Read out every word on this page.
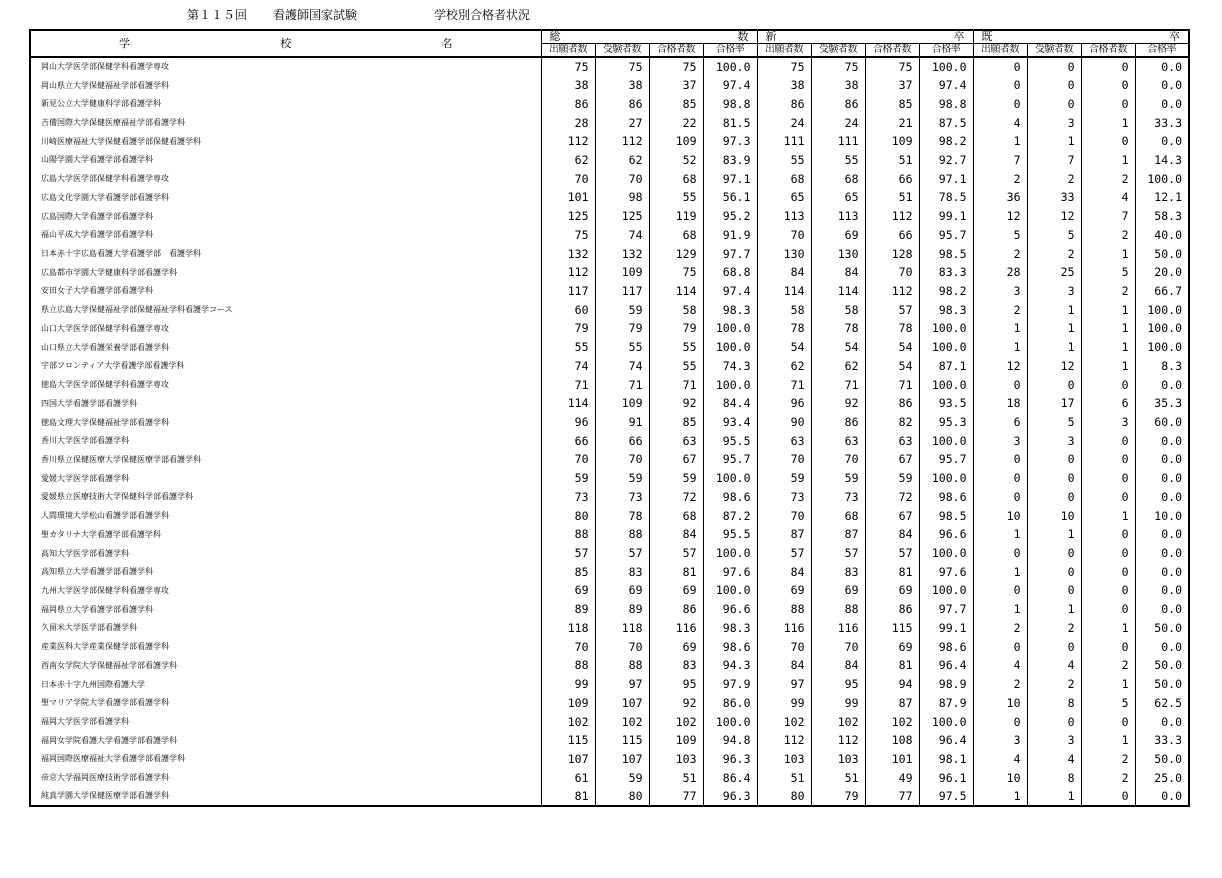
第１１５回 看護師国家試験	学校別合格者状況
学 校 名	総 数				新 卒				既 卒			

	出願者数	受験者数	合格者数	合格率	出願者数	受験者数	合格者数	合格率	出願者数	受験者数	合格者数	合格率
岡山大学医学部保健学科看護学専攻	75	75	75	100.0	75	75	75	100.0	0	0	0	0.0
岡山県立大学保健福祉学部看護学科	38	38	37	97.4	38	38	37	97.4	0	0	0	0.0
新見公立大学健康科学部看護学科	86	86	85	98.8	86	86	85	98.8	0	0	0	0.0
吉備国際大学保健医療福祉学部看護学科	28	27	22	81.5	24	24	21	87.5	4	3	1	33.3
川崎医療福祉大学保健看護学部保健看護学科	112	112	109	97.3	111	111	109	98.2	1	1	0	0.0
山陽学園大学看護学部看護学科	62	62	52	83.9	55	55	51	92.7	7	7	1	14.3
広島大学医学部保健学科看護学専攻	70	70	68	97.1	68	68	66	97.1	2	2	2	100.0
広島文化学園大学看護学部看護学科	101	98	55	56.1	65	65	51	78.5	36	33	4	12.1
広島国際大学看護学部看護学科	125	125	119	95.2	113	113	112	99.1	12	12	7	58.3
福山平成大学看護学部看護学科	75	74	68	91.9	70	69	66	95.7	5	5	2	40.0
日本赤十字広島看護大学看護学部　看護学科	132	132	129	97.7	130	130	128	98.5	2	2	1	50.0
広島都市学園大学健康科学部看護学科	112	109	75	68.8	84	84	70	83.3	28	25	5	20.0
安田女子大学看護学部看護学科	117	117	114	97.4	114	114	112	98.2	3	3	2	66.7
県立広島大学保健福祉学部保健福祉学科看護学コース	60	59	58	98.3	58	58	57	98.3	2	1	1	100.0
山口大学医学部保健学科看護学専攻	79	79	79	100.0	78	78	78	100.0	1	1	1	100.0
山口県立大学看護栄養学部看護学科	55	55	55	100.0	54	54	54	100.0	1	1	1	100.0
宇部フロンティア大学看護学部看護学科	74	74	55	74.3	62	62	54	87.1	12	12	1	8.3
徳島大学医学部保健学科看護学専攻	71	71	71	100.0	71	71	71	100.0	0	0	0	0.0
四国大学看護学部看護学科	114	109	92	84.4	96	92	86	93.5	18	17	6	35.3
徳島文理大学保健福祉学部看護学科	96	91	85	93.4	90	86	82	95.3	6	5	3	60.0
香川大学医学部看護学科	66	66	63	95.5	63	63	63	100.0	3	3	0	0.0
香川県立保健医療大学保健医療学部看護学科	70	70	67	95.7	70	70	67	95.7	0	0	0	0.0
愛媛大学医学部看護学科	59	59	59	100.0	59	59	59	100.0	0	0	0	0.0
愛媛県立医療技術大学保健科学部看護学科	73	73	72	98.6	73	73	72	98.6	0	0	0	0.0
人間環境大学松山看護学部看護学科	80	78	68	87.2	70	68	67	98.5	10	10	1	10.0
聖カタリナ大学看護学部看護学科	88	88	84	95.5	87	87	84	96.6	1	1	0	0.0
高知大学医学部看護学科	57	57	57	100.0	57	57	57	100.0	0	0	0	0.0
高知県立大学看護学部看護学科	85	83	81	97.6	84	83	81	97.6	1	0	0	0.0
九州大学医学部保健学科看護学専攻	69	69	69	100.0	69	69	69	100.0	0	0	0	0.0
福岡県立大学看護学部看護学科	89	89	86	96.6	88	88	86	97.7	1	1	0	0.0
久留米大学医学部看護学科	118	118	116	98.3	116	116	115	99.1	2	2	1	50.0
産業医科大学産業保健学部看護学科	70	70	69	98.6	70	70	69	98.6	0	0	0	0.0
西南女学院大学保健福祉学部看護学科	88	88	83	94.3	84	84	81	96.4	4	4	2	50.0
日本赤十字九州国際看護大学	99	97	95	97.9	97	95	94	98.9	2	2	1	50.0
聖マリア学院大学看護学部看護学科	109	107	92	86.0	99	99	87	87.9	10	8	5	62.5
福岡大学医学部看護学科	102	102	102	100.0	102	102	102	100.0	0	0	0	0.0
福岡女学院看護大学看護学部看護学科	115	115	109	94.8	112	112	108	96.4	3	3	1	33.3
福岡国際医療福祉大学看護学部看護学科	107	107	103	96.3	103	103	101	98.1	4	4	2	50.0
帝京大学福岡医療技術学部看護学科	61	59	51	86.4	51	51	49	96.1	10	8	2	25.0
純真学園大学保健医療学部看護学科	81	80	77	96.3	80	79	77	97.5	1	1	0	0.0
